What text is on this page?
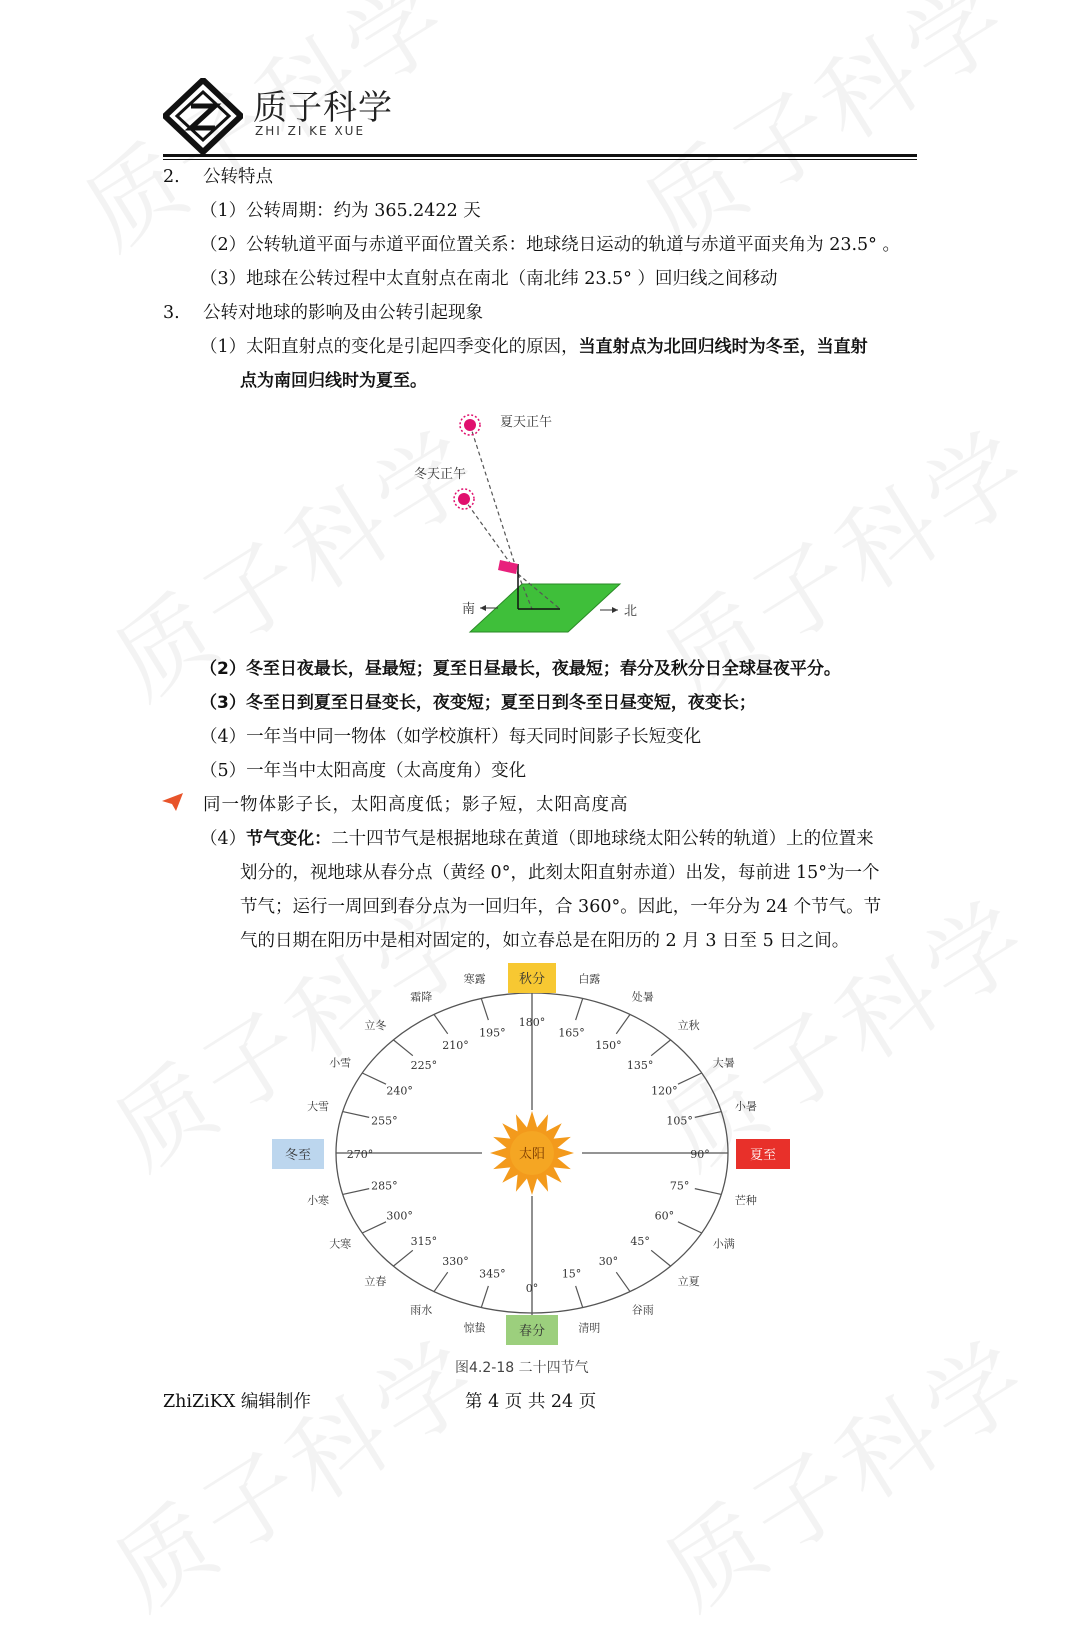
质子科学
ZHI ZI KE XUE
2. 公转特点
（1）公转周期：约为 365.2422 天
（2）公转轨道平面与赤道平面位置关系：地球绕日运动的轨道与赤道平面夹角为 23.5° 。
（3）地球在公转过程中太直射点在南北（南北纬 23.5° ）回归线之间移动
3. 公转对地球的影响及由公转引起现象
（1）太阳直射点的变化是引起四季变化的原因，当直射点为北回归线时为冬至，当直射
点为南回归线时为夏至。
夏天正午
冬天正午
南	北
（2）冬至日夜最长，昼最短；夏至日昼最长，夜最短；春分及秋分日全球昼夜平分。
（3）冬至日到夏至日昼变长，夜变短；夏至日到冬至日昼变短，夜变长；
（4）一年当中同一物体（如学校旗杆）每天同时间影子长短变化
（5）一年当中太阳高度（太高度角）变化
同一物体影子长，太阳高度低；影子短，太阳高度高
（4）节气变化：二十四节气是根据地球在黄道（即地球绕太阳公转的轨道）上的位置来
划分的，视地球从春分点（黄经 0°，此刻太阳直射赤道）出发，每前进 15°为一个
节气；运行一周回到春分点为一回归年，合 360°。因此，一年分为 24 个节气。节
气的日期在阳历中是相对固定的，如立春总是在阳历的 2 月 3 日至 5 日之间。
15°
清明
30°
谷雨
45°
立夏
60°
小满
75°
芒种
105°
小暑
120°
大暑
135°
立秋
150°
处暑
165°
白露
195°
寒露
210°
霜降
225°
立冬
240°
小雪
255°
大雪
285°
小寒
300°
大寒	315°
立春
330°
雨水
345°
惊蛰
0°
90°
180°
270°	太阳
秋分
冬至	夏至
春分
图4.2-18 二十四节气
ZhiZiKX 编辑制作	第 4 页 共 24 页
